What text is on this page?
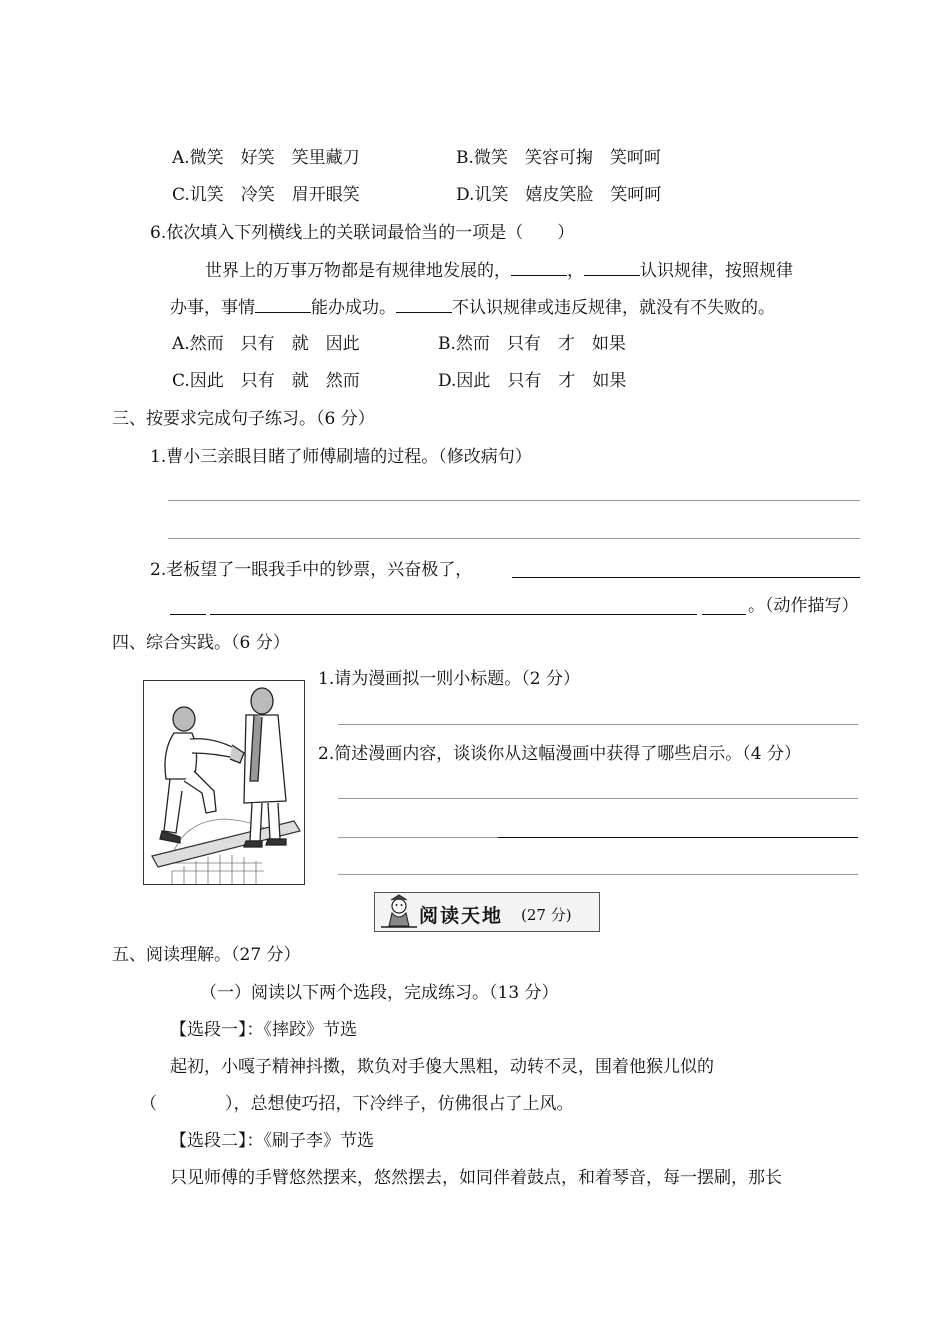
A.微笑　好笑　笑里藏刀	B.微笑　笑容可掬　笑呵呵
C.讥笑　冷笑　眉开眼笑	D.讥笑　嬉皮笑脸　笑呵呵
6.依次填入下列横线上的关联词最恰当的一项是（　　）
世界上的万事万物都是有规律地发展的，	，	认识规律，按照规律
办事，事情	能办成功。	不认识规律或违反规律，就没有不失败的。
A.然而　只有　就　因此	B.然而　只有　才　如果
C.因此　只有　就　然而	D.因此　只有　才　如果
三、按要求完成句子练习。（6 分）
1.曹小三亲眼目睹了师傅刷墙的过程。（修改病句）
2.老板望了一眼我手中的钞票，兴奋极了，
。（动作描写）
四、综合实践。（6 分）
1.请为漫画拟一则小标题。（2 分）
2.简述漫画内容，谈谈你从这幅漫画中获得了哪些启示。（4 分）
阅读天地 (27 分)
五、阅读理解。（27 分）
（一）阅读以下两个选段，完成练习。（13 分）
【选段一】：《摔跤》节选
起初，小嘎子精神抖擞，欺负对手傻大黑粗，动转不灵，围着他猴儿似的
（　　　　），总想使巧招，下冷绊子，仿佛很占了上风。
【选段二】：《刷子李》节选
只见师傅的手臂悠然摆来，悠然摆去，如同伴着鼓点，和着琴音，每一摆刷，那长
